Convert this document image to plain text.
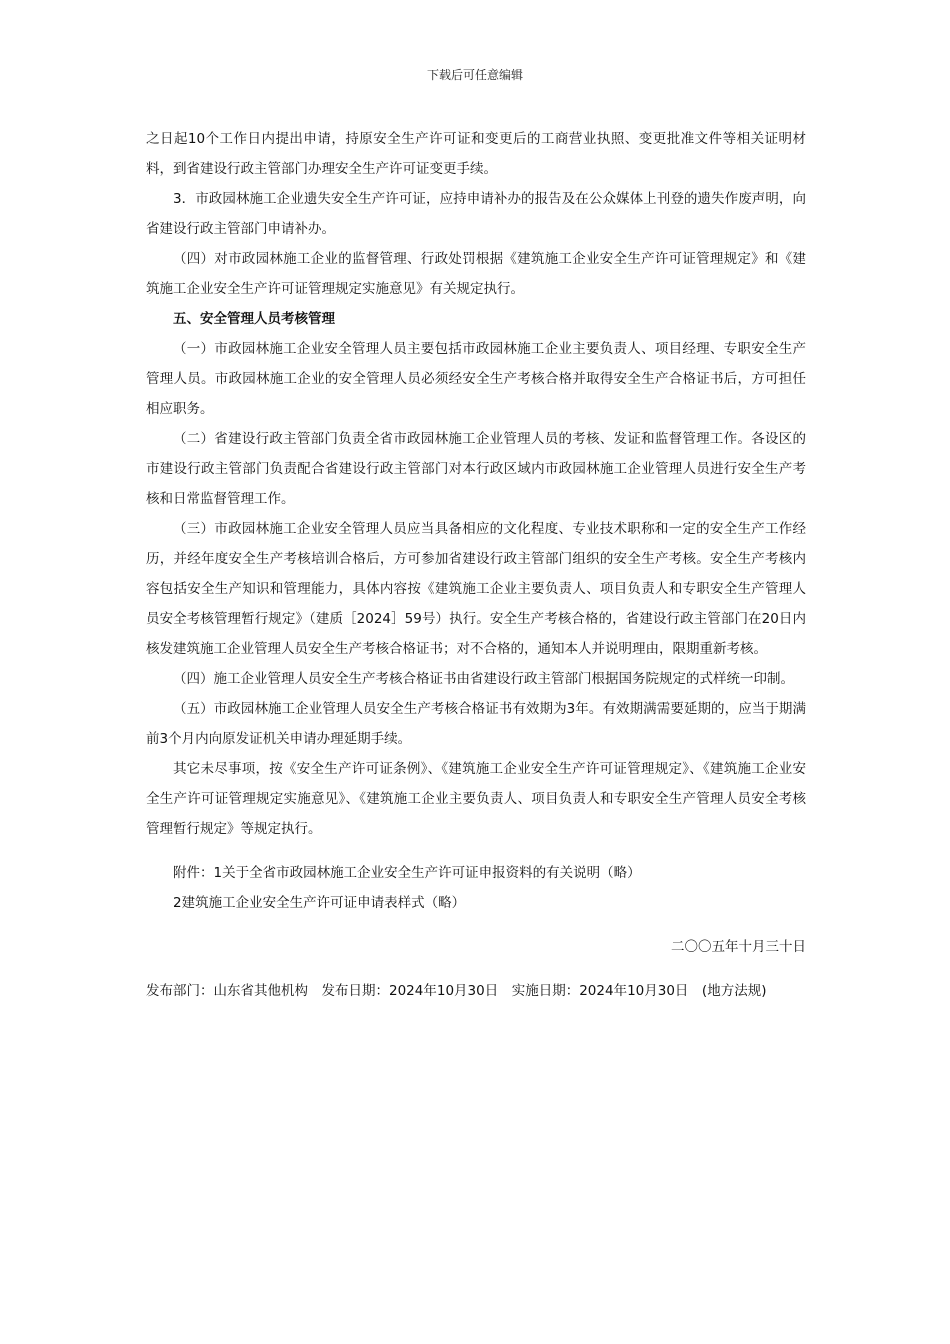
下载后可任意编辑

之日起10个工作日内提出申请，持原安全生产许可证和变更后的工商营业执照、变更批准文件等相关证明材料，到省建设行政主管部门办理安全生产许可证变更手续。

3．市政园林施工企业遗失安全生产许可证，应持申请补办的报告及在公众媒体上刊登的遗失作废声明，向省建设行政主管部门申请补办。

（四）对市政园林施工企业的监督管理、行政处罚根据《建筑施工企业安全生产许可证管理规定》和《建筑施工企业安全生产许可证管理规定实施意见》有关规定执行。

五、安全管理人员考核管理

（一）市政园林施工企业安全管理人员主要包括市政园林施工企业主要负责人、项目经理、专职安全生产管理人员。市政园林施工企业的安全管理人员必须经安全生产考核合格并取得安全生产合格证书后，方可担任相应职务。

（二）省建设行政主管部门负责全省市政园林施工企业管理人员的考核、发证和监督管理工作。各设区的市建设行政主管部门负责配合省建设行政主管部门对本行政区域内市政园林施工企业管理人员进行安全生产考核和日常监督管理工作。

（三）市政园林施工企业安全管理人员应当具备相应的文化程度、专业技术职称和一定的安全生产工作经历，并经年度安全生产考核培训合格后，方可参加省建设行政主管部门组织的安全生产考核。安全生产考核内容包括安全生产知识和管理能力，具体内容按《建筑施工企业主要负责人、项目负责人和专职安全生产管理人员安全考核管理暂行规定》（建质［2024］59号）执行。安全生产考核合格的，省建设行政主管部门在20日内核发建筑施工企业管理人员安全生产考核合格证书；对不合格的，通知本人并说明理由，限期重新考核。

（四）施工企业管理人员安全生产考核合格证书由省建设行政主管部门根据国务院规定的式样统一印制。

（五）市政园林施工企业管理人员安全生产考核合格证书有效期为3年。有效期满需要延期的，应当于期满前3个月内向原发证机关申请办理延期手续。

其它未尽事项，按《安全生产许可证条例》、《建筑施工企业安全生产许可证管理规定》、《建筑施工企业安全生产许可证管理规定实施意见》、《建筑施工企业主要负责人、项目负责人和专职安全生产管理人员安全考核管理暂行规定》等规定执行。

附件：1关于全省市政园林施工企业安全生产许可证申报资料的有关说明（略）

2建筑施工企业安全生产许可证申请表样式（略）

二〇〇五年十月三十日

发布部门：山东省其他机构　发布日期：2024年10月30日　实施日期：2024年10月30日　(地方法规)
